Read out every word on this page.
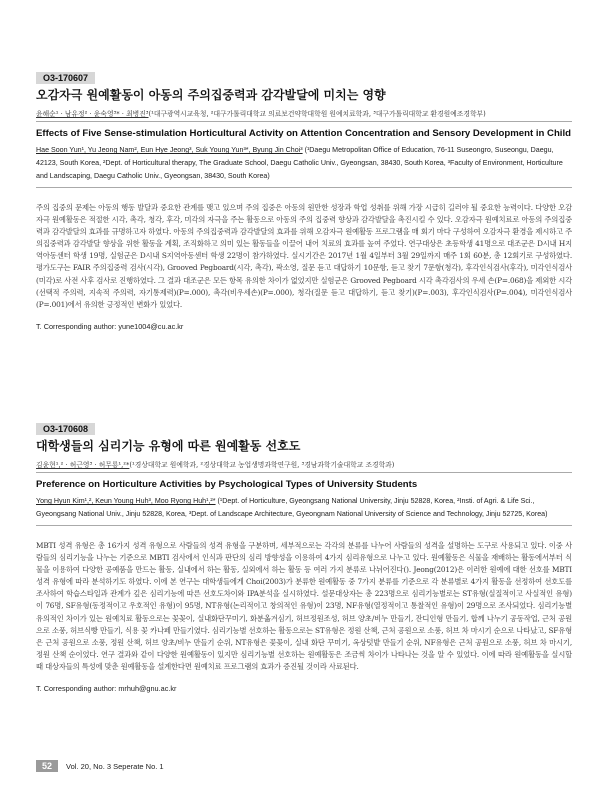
O3-170607
오감자극 원예활동이 아동의 주의집중력과 감각발달에 미치는 영향
윤해순¹ · 남유정² · 윤숙영³* · 최병진³(¹대구광역시교육청, ²대구가톨릭대학교 의료보건약학대학원 원예치료학과, ³대구가톨릭대학교 환경원예조경학부)
Effects of Five Sense-stimulation Horticultural Activity on Attention Concentration and Sensory Development in Child
Hae Soon Yun¹, Yu Jeong Nam², Eun Hye Jeong³, Suk Young Yun³*, Byung Jin Choi³ (¹Daegu Metropolitan Office of Education, 76-11 Suseongro, Suseongu, Daegu, 42123, South Korea, ²Dept. of Horticultural therapy, The Graduate School, Daegu Catholic Univ., Gyeongsan, 38430, South Korea, ³Faculty of Environment, Horticulture and Landscaping, Daegu Catholic Univ., Gyeongsan, 38430, South Korea)
주의 집중의 문제는 아동의 행동 발달과 중요한 관계를 맺고 있으며 주의 집중은 아동의 원만한 성장과 학업 성취를 위해 가장 시급히 길러야 될 중요한 능력이다. 다양한 오감 자극 원예활동은 적절한 시각, 촉각, 청각, 후각, 미각의 자극을 주는 활동으로 아동의 주의 집중력 향상과 감각발달을 촉진시킬 수 있다. 오감자극 원예치료로 아동의 주의집중력과 감각발달의 효과를 규명하고자 하였다. 아동의 주의집중력과 감각발달의 효과를 위해 오감자극 원예활동 프로그램을 매 회기 마다 구성하여 오감자극 환경을 제시하고 주의집중력과 감각발달 향상을 위한 활동을 계획, 조직화하고 의미 있는 활동들을 이끌어 내어 치료의 효과를 높여 주었다. 연구대상은 초등학생 41명으로 대조군은 D시내 H지역아동센터 학생 19명, 실험군은 D시내 S지역아동센터 학생 22명이 참가하였다. 실시기간은 2017년 1월 4일부터 3월 29일까지 매주 1회 60분, 총 12회기로 구성하였다. 평가도구는 FAIR 주의집중력 검사(시각), Grooved Pegboard(시각, 촉각), 곽소영, 질문 듣고 대답하기 10문항, 듣고 찾기 7문항(청각), 후각인식검사(후각), 미각인식검사(미각)로 사전 사후 검사로 진행하였다. 그 결과 대조군은 모든 항목 유의한 차이가 없었지만 실험군은 Grooved Pegboard 시각 촉각검사의 우세 손(P=.068)을 제외한 시각(선택적 주의력, 지속적 주의력, 자기통제력)(P=.000), 촉각(비우세손)(P=.000), 청각(질문 듣고 대답하기, 듣고 찾기)(P=.003), 후각인식검사(P=.004), 미각인식검사(P=.001)에서 유의한 긍정적인 변화가 있었다.
T. Corresponding author: yune1004@cu.ac.kr
O3-170608
대학생들의 심리기능 유형에 따른 원예활동 선호도
김윤현¹,² · 허근영³ · 허무룡¹,²*(¹경상대학교 원예학과, ²경상대학교 농업생명과학연구원, ³경남과학기술대학교 조경학과)
Preference on Horticulture Activities by Psychological Types of University Students
Yong Hyun Kim¹,², Keun Young Huh³, Moo Ryong Huh¹,²* (¹Dept. of Horticulture, Gyeongsang National University, Jinju 52828, Korea, ²Insti. of Agri. & Life Sci., Gyeongsang National Univ., Jinju 52828, Korea, ³Dept. of Landscape Architecture, Gyeongnam National University of Science and Technology, Jinju 52725, Korea)
MBTI 성격 유형은 총 16가지 성격 유형으로 사람들의 성격 유형을 구분하며, 세부적으로는 각각의 분류를 나누어 사람들의 성격을 설명하는 도구로 사용되고 있다. 이중 사람들의 심리기능을 나누는 기준으로 MBTI 검사에서 인식과 판단의 심리 방향성을 이용하여 4가지 심리유형으로 나누고 있다. 원예활동은 식물을 재배하는 활동에서부터 식물을 이용하여 다양한 공예품을 만드는 활동, 실내에서 하는 활동, 실외에서 하는 활동 등 여러 가지 분류로 나뉘어진다(). Jeong(2012)은 이러한 원예에 대한 선호를 MBTI 성격 유형에 따라 분석하기도 하였다. 이에 본 연구는 대학생들에게 Choi(2003)가 분류한 원예활동 중 7가지 분류를 기준으로 각 분류별로 4가지 활동을 선정하여 선호도를 조사하여 학습스타일과 관계가 깊은 심리기능에 따른 선호도차이와 IPA분석을 실시하였다. 설문대상자는 총 223명으로 심리기능별로는 ST유형(실질적이고 사실적인 유형)이 76명, SF유형(동정적이고 우호적인 유형)이 95명, NT유형(논리적이고 창의적인 유형)이 23명, NF유형(열정적이고 통찰적인 유형)이 29명으로 조사되었다. 심리기능별 유의적인 차이가 있는 원예치료 활동으로는 꽃꽂이, 실내화단꾸미기, 화분옮겨심기, 허브정원조성, 허브 양초/비누 만들기, 잔디인형 만들기, 합께 나누기 공동작업, 근처 공원으로 소풍, 허브식빵 만들기, 식용 꽃 카나페 만들기였다. 심리기능별 선호하는 활동으로는 ST유형은 정원 산책, 근처 공원으로 소풍, 허브 차 마시기 순으로 나타났고, SF유형은 근처 공원으로 소풍, 정원 산책, 허브 양초/비누 만들기 순위, NT유형은 꽃꽂이, 실내 화단 꾸미기, 옥상텃밭 만들기 순위, NF유형은 근처 공원으로 소풍, 허브 차 마시기, 정원 산책 순이었다. 연구 결과와 같이 다양한 원예활동이 있지만 심리기능별 선호하는 원예활동은 조금씩 차이가 나타나는 것을 알 수 있었다. 이에 따라 원예활동을 실시할 때 대상자들의 특성에 맞춘 원예활동을 설계한다면 원예치료 프로그램의 효과가 증진될 것이라 사료된다.
T. Corresponding author: mrhuh@gnu.ac.kr
52	Vol. 20, No. 3 Seperate No. 1
